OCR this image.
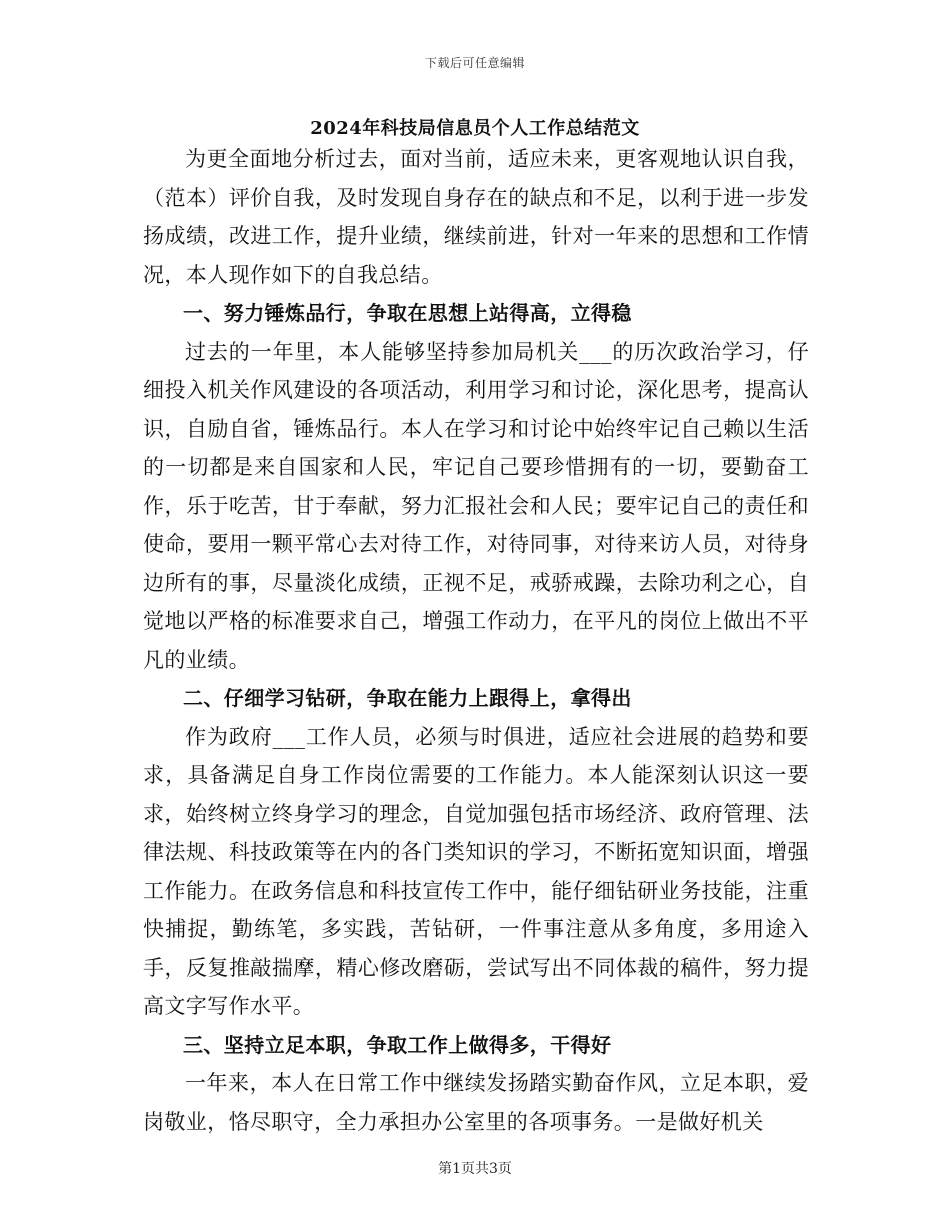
下载后可任意编辑
2024年科技局信息员个人工作总结范文

为更全面地分析过去，面对当前，适应未来，更客观地认识自我，（范本）评价自我，及时发现自身存在的缺点和不足，以利于进一步发扬成绩，改进工作，提升业绩，继续前进，针对一年来的思想和工作情况，本人现作如下的自我总结。

一、努力锤炼品行，争取在思想上站得高，立得稳

过去的一年里，本人能够坚持参加局机关___的历次政治学习，仔细投入机关作风建设的各项活动，利用学习和讨论，深化思考，提高认识，自励自省，锤炼品行。本人在学习和讨论中始终牢记自己赖以生活的一切都是来自国家和人民，牢记自己要珍惜拥有的一切，要勤奋工作，乐于吃苦，甘于奉献，努力汇报社会和人民；要牢记自己的责任和使命，要用一颗平常心去对待工作，对待同事，对待来访人员，对待身边所有的事，尽量淡化成绩，正视不足，戒骄戒躁，去除功利之心，自觉地以严格的标准要求自己，增强工作动力，在平凡的岗位上做出不平凡的业绩。

二、仔细学习钻研，争取在能力上跟得上，拿得出

作为政府___工作人员，必须与时俱进，适应社会进展的趋势和要求，具备满足自身工作岗位需要的工作能力。本人能深刻认识这一要求，始终树立终身学习的理念，自觉加强包括市场经济、政府管理、法律法规、科技政策等在内的各门类知识的学习，不断拓宽知识面，增强工作能力。在政务信息和科技宣传工作中，能仔细钻研业务技能，注重快捕捉，勤练笔，多实践，苦钻研，一件事注意从多角度，多用途入手，反复推敲揣摩，精心修改磨砺，尝试写出不同体裁的稿件，努力提高文字写作水平。

三、坚持立足本职，争取工作上做得多，干得好

一年来，本人在日常工作中继续发扬踏实勤奋作风，立足本职，爱岗敬业，恪尽职守，全力承担办公室里的各项事务。一是做好机关

第1页共3页
